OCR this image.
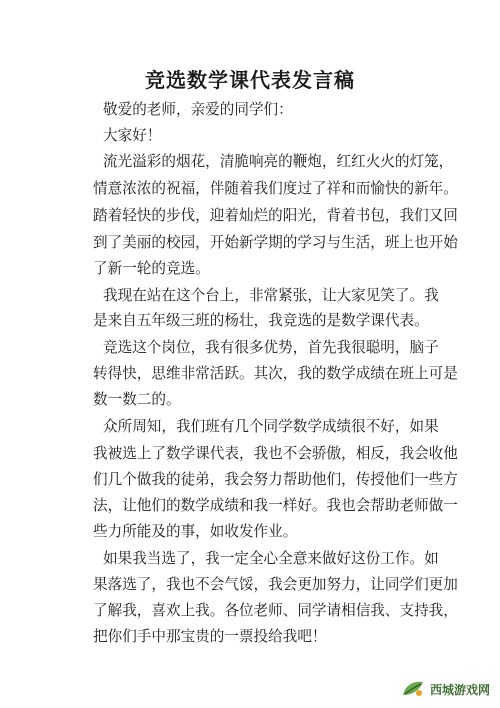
竞选数学课代表发言稿
敬爱的老师，亲爱的同学们：
大家好！
流光溢彩的烟花，清脆响亮的鞭炮，红红火火的灯笼，
情意浓浓的祝福，伴随着我们度过了祥和而愉快的新年。
踏着轻快的步伐，迎着灿烂的阳光，背着书包，我们又回
到了美丽的校园，开始新学期的学习与生活，班上也开始
了新一轮的竞选。
我现在站在这个台上，非常紧张，让大家见笑了。我
是来自五年级三班的杨壮，我竞选的是数学课代表。
竞选这个岗位，我有很多优势，首先我很聪明，脑子
转得快，思维非常活跃。其次，我的数学成绩在班上可是
数一数二的。
众所周知，我们班有几个同学数学成绩很不好，如果
我被选上了数学课代表，我也不会骄傲，相反，我会收他
们几个做我的徒弟，我会努力帮助他们，传授他们一些方
法，让他们的数学成绩和我一样好。我也会帮助老师做一
些力所能及的事，如收发作业。
如果我当选了，我一定全心全意来做好这份工作。如
果落选了，我也不会气馁，我会更加努力，让同学们更加
了解我，喜欢上我。各位老师、同学请相信我、支持我，
把你们手中那宝贵的一票投给我吧！
西城游戏网
